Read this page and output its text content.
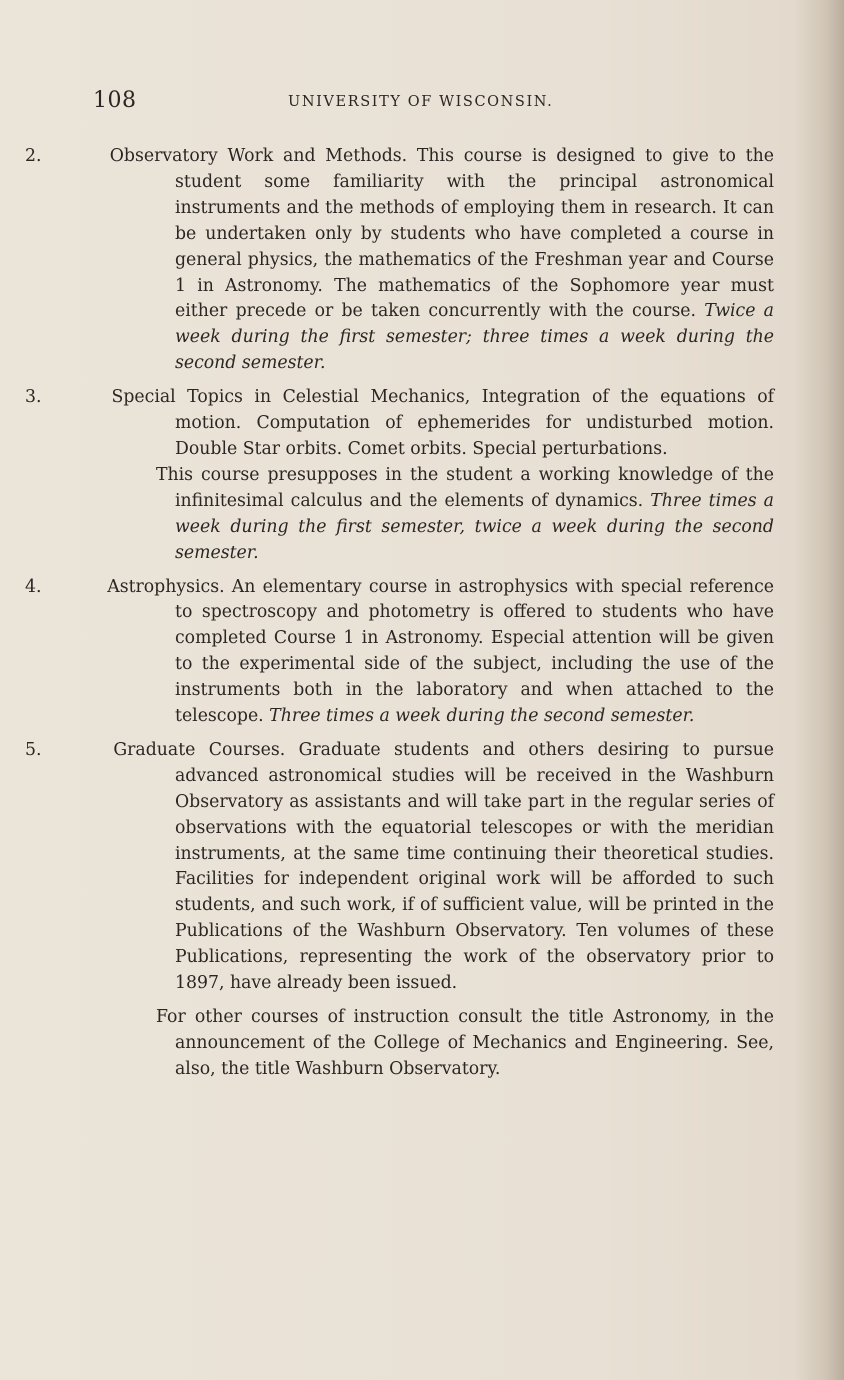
108	UNIVERSITY OF WISCONSIN.
2.	Observatory Work and Methods. This course is designed to give to the student some familiarity with the principal astronomical instruments and the methods of employing them in research. It can be undertaken only by students who have completed a course in general physics, the mathematics of the Freshman year and Course 1 in Astronomy. The mathematics of the Sophomore year must either precede or be taken concurrently with the course. Twice a week during the first semester; three times a week during the second semester.
3.	Special Topics in Celestial Mechanics, Integration of the equations of motion. Computation of ephemerides for undisturbed motion. Double Star orbits. Comet orbits. Special perturbations.
This course presupposes in the student a working knowledge of the infinitesimal calculus and the elements of dynamics. Three times a week during the first semester, twice a week during the second semester.
4.	Astrophysics. An elementary course in astrophysics with special reference to spectroscopy and photometry is offered to students who have completed Course 1 in Astronomy. Especial attention will be given to the experimental side of the subject, including the use of the instruments both in the laboratory and when attached to the telescope. Three times a week during the second semester.
5.	Graduate Courses. Graduate students and others desiring to pursue advanced astronomical studies will be received in the Washburn Observatory as assistants and will take part in the regular series of observations with the equatorial telescopes or with the meridian instruments, at the same time continuing their theoretical studies. Facilities for independent original work will be afforded to such students, and such work, if of sufficient value, will be printed in the Publications of the Washburn Observatory. Ten volumes of these Publications, representing the work of the observatory prior to 1897, have already been issued.
For other courses of instruction consult the title Astronomy, in the announcement of the College of Mechanics and Engineering. See, also, the title Washburn Observatory.
